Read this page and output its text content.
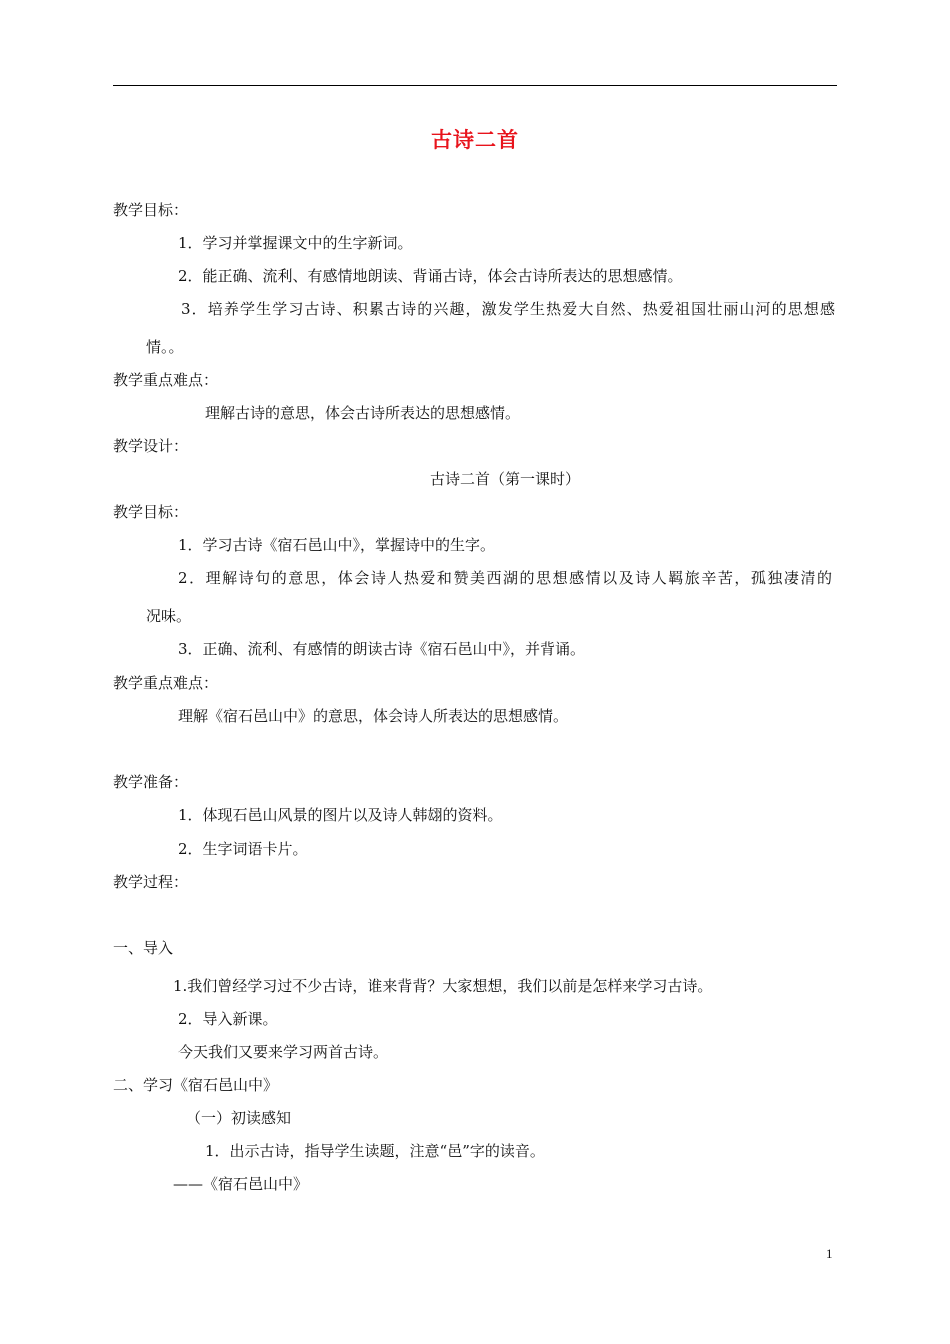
古诗二首
教学目标：
1．学习并掌握课文中的生字新词。
2．能正确、流利、有感情地朗读、背诵古诗，体会古诗所表达的思想感情。
3．培养学生学习古诗、积累古诗的兴趣，激发学生热爱大自然、热爱祖国壮丽山河的思想感
情。。
教学重点难点：
理解古诗的意思，体会古诗所表达的思想感情。
教学设计：
古诗二首（第一课时）
教学目标：
1．学习古诗《宿石邑山中》，掌握诗中的生字。
2．理解诗句的意思，体会诗人热爱和赞美西湖的思想感情以及诗人羁旅辛苦，孤独凄清的
况味。
3．正确、流利、有感情的朗读古诗《宿石邑山中》，并背诵。
教学重点难点：
理解《宿石邑山中》的意思，体会诗人所表达的思想感情。
教学准备：
1．体现石邑山风景的图片以及诗人韩翃的资料。
2．生字词语卡片。
教学过程：
一、导入
1.我们曾经学习过不少古诗，谁来背背？大家想想，我们以前是怎样来学习古诗。
2．导入新课。
今天我们又要来学习两首古诗。
二、学习《宿石邑山中》
（一）初读感知
1．出示古诗，指导学生读题，注意“邑”字的读音。
——《宿石邑山中》
1
